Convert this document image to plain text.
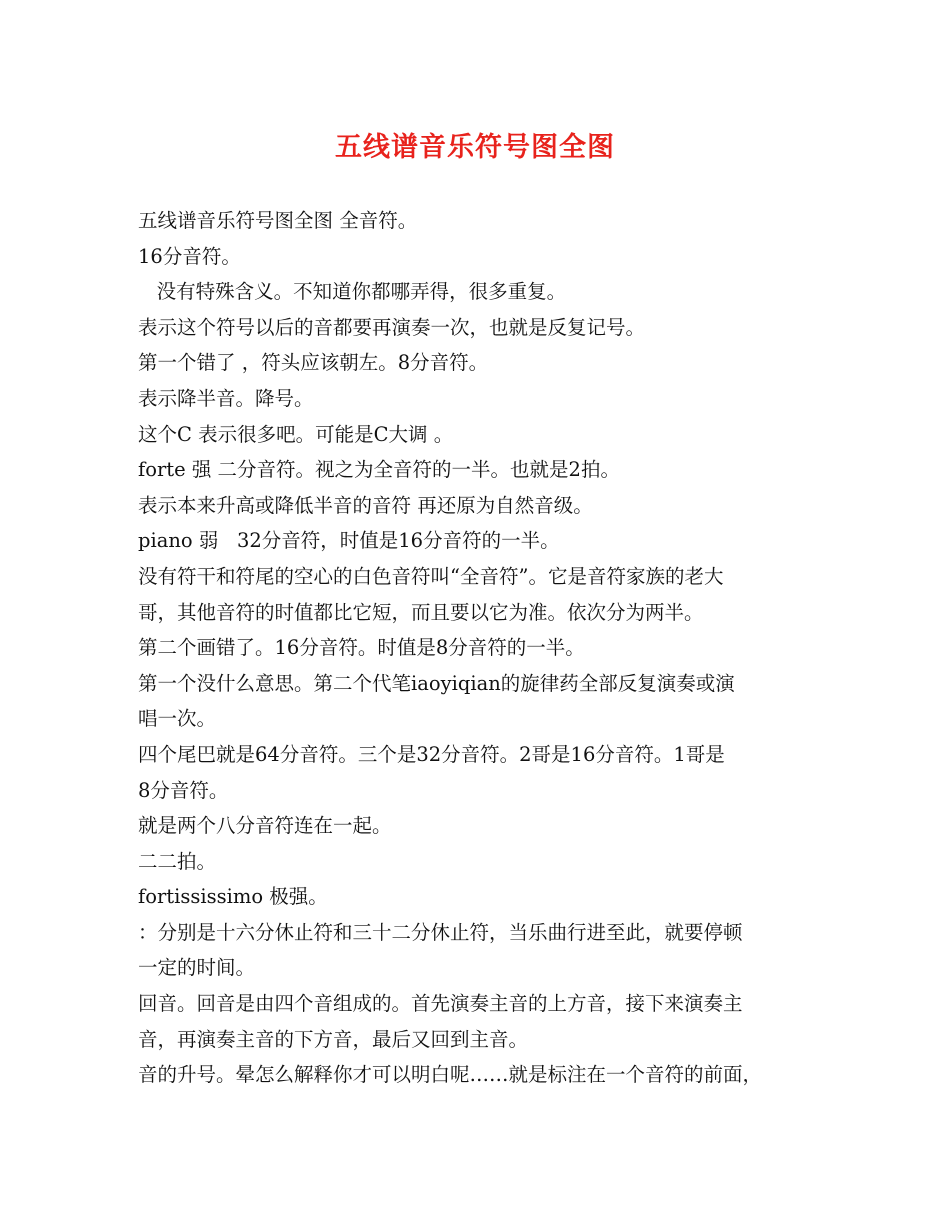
五线谱音乐符号图全图
五线谱音乐符号图全图 全音符。
16分音符。
没有特殊含义。不知道你都哪弄得，很多重复。
表示这个符号以后的音都要再演奏一次，也就是反复记号。
第一个错了 ，符头应该朝左。8分音符。
表示降半音。降号。
这个C 表示很多吧。可能是C大调 。
forte 强 二分音符。视之为全音符的一半。也就是2拍。
表示本来升高或降低半音的音符 再还原为自然音级。
piano 弱   32分音符，时值是16分音符的一半。
没有符干和符尾的空心的白色音符叫“全音符”。它是音符家族的老大
哥，其他音符的时值都比它短，而且要以它为准。依次分为两半。
第二个画错了。16分音符。时值是8分音符的一半。
第一个没什么意思。第二个代笔iaoyiqian的旋律药全部反复演奏或演
唱一次。
四个尾巴就是64分音符。三个是32分音符。2哥是16分音符。1哥是
8分音符。
就是两个八分音符连在一起。
二二拍。
fortississimo 极强。
：分别是十六分休止符和三十二分休止符，当乐曲行进至此，就要停顿
一定的时间。
回音。回音是由四个音组成的。首先演奏主音的上方音，接下来演奏主
音，再演奏主音的下方音，最后又回到主音。
音的升号。晕怎么解释你才可以明白呢……就是标注在一个音符的前面，
